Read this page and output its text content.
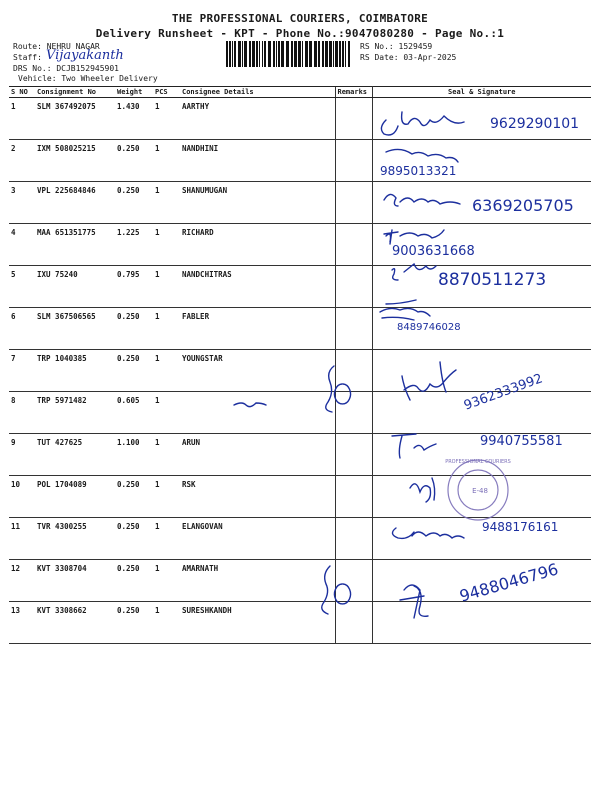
THE PROFESSIONAL COURIERS, COIMBATORE
Delivery Runsheet - KPT - Phone No.:9047080280 - Page No.:1
Route: NEHRU NAGAR
Staff: Vijayakanth
DRS No.: DCJB152945901
Vehicle: Two Wheeler Delivery
RS No.: 1529459
RS Date: 03-Apr-2025
S NO	Consignment No	Weight	PCS	Consignee Details	Remarks	Seal & Signature
1	SLM 367492075	1.430	1	AARTHY		
2	IXM 508025215	0.250	1	NANDHINI		
3	VPL 225684846	0.250	1	SHANUMUGAN		
4	MAA 651351775	1.225	1	RICHARD		
5	IXU 75240	0.795	1	NANDCHITRAS		
6	SLM 367506565	0.250	1	FABLER		
7	TRP 1040385	0.250	1	YOUNGSTAR		
8	TRP 5971482	0.605	1			
9	TUT 427625	1.100	1	ARUN		
10	POL 1704089	0.250	1	RSK		
11	TVR 4300255	0.250	1	ELANGOVAN		
12	KVT 3308704	0.250	1	AMARNATH		
13	KVT 3308662	0.250	1	SURESHKANDH		
PROFESSIONAL COURIERS
E-48
9629290101
9895013321
6369205705
9003631668
8870511273
8489746028
9362333992
9940755581
9488176161
9488046796
